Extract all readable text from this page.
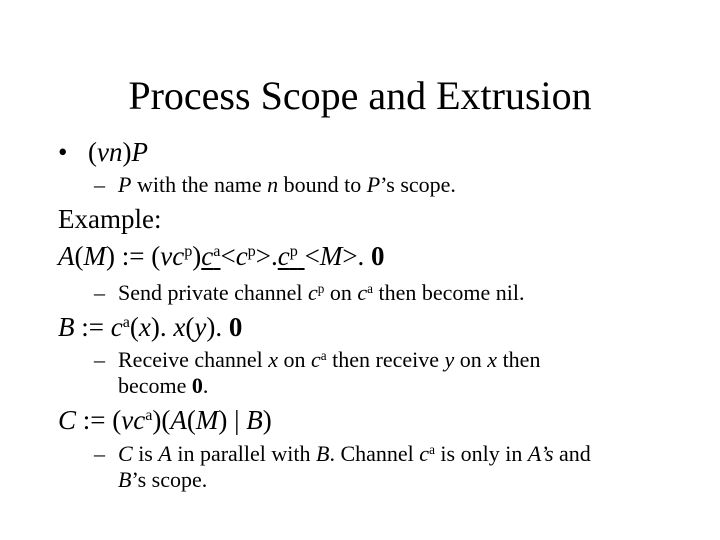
Process Scope and Extrusion
• (νn)P
– P with the name n bound to P’s scope.
Example:
A(M) := $(\nu c^p)c^a<c^p>.c^p <M>$. 0
– Send private channel $c^p$ on $c^a$ then become nil.
B := $c^a(x)$. x(y). 0
– Receive channel x on $c^a$ then receive y on x then
become 0.
C := $(\nu c^a)(A(M)$ | B)
– C is A in parallel with B. Channel $c^a$ is only in A’s and
B’s scope.
